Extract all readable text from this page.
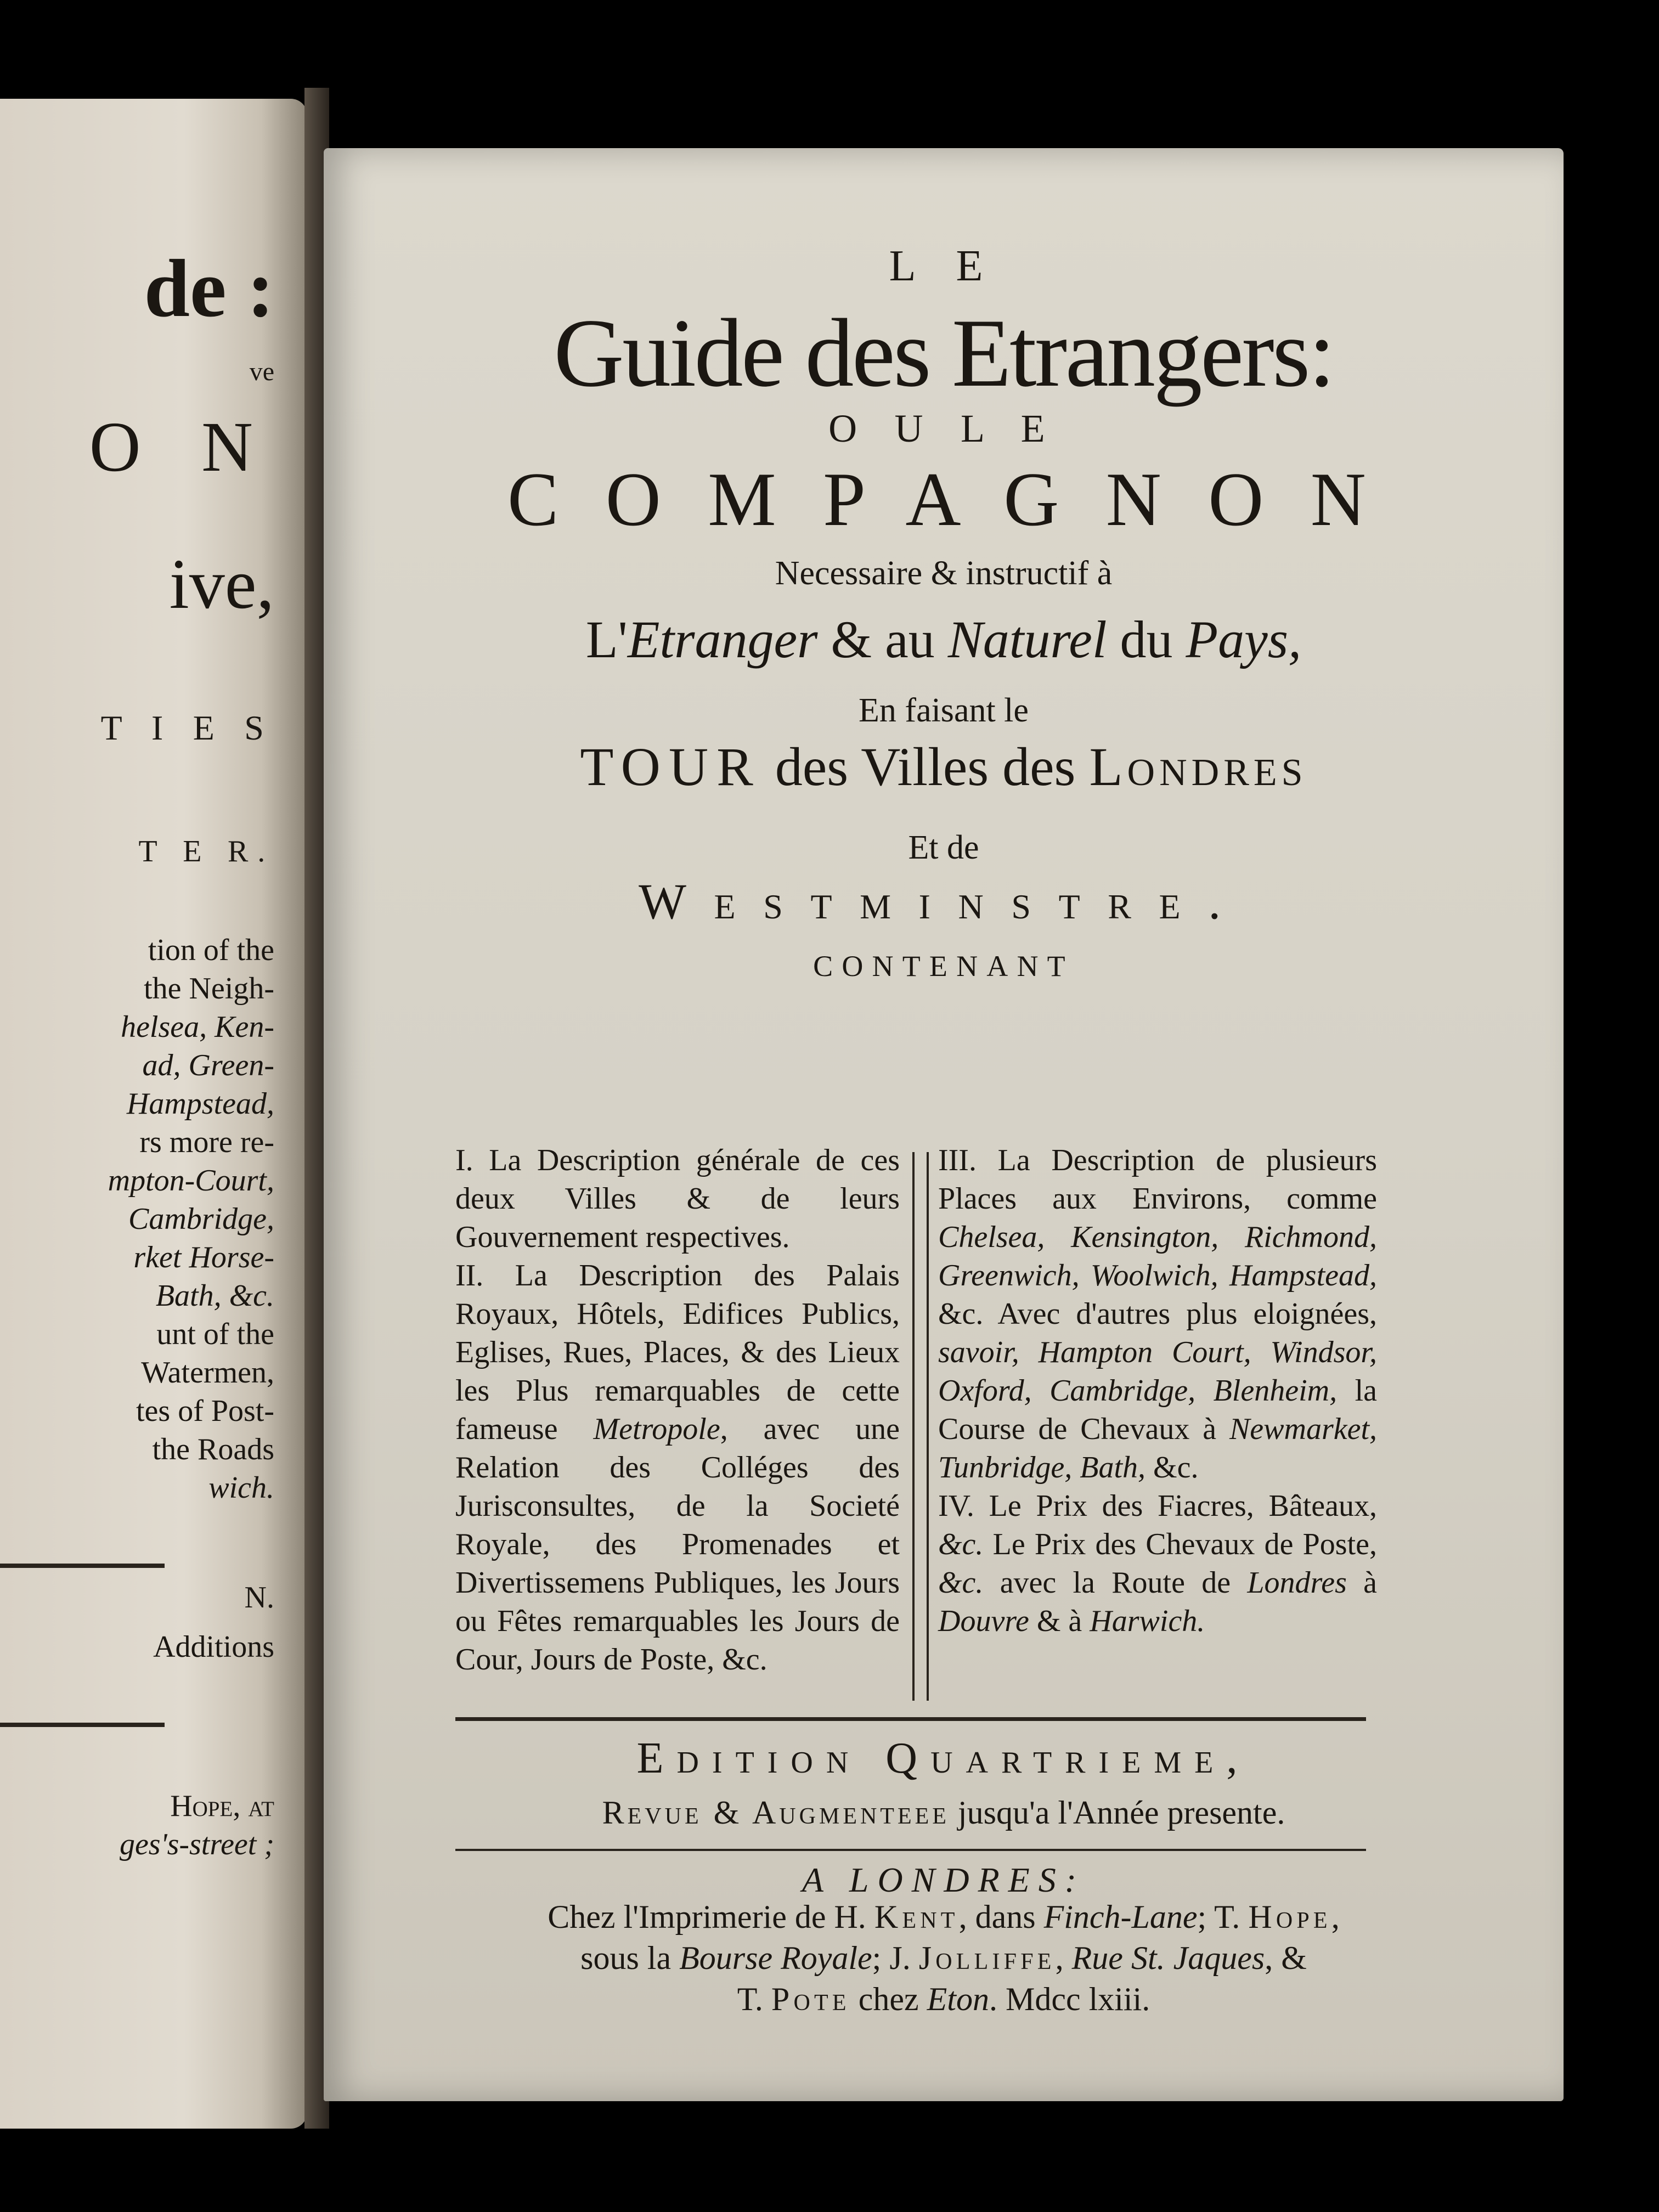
de :
ve
O N
ive,
T I E S
T E R.
tion of the
the Neigh-
helsea, Ken-
ad, Green-
Hampstead,
rs more re-
mpton-Court,
Cambridge,
rket Horse-
Bath, &c.
unt of the
Watermen,
tes of Post-
the Roads
wich.
N.
Additions
Hope, at
ges's-street ;
L E
Guide des Etrangers:
O U L E
C O M P A G N O N
Necessaire & instructif à
L'Etranger & au Naturel du Pays,
En faisant le
TOUR des Villes des Londres
Et de
Westminstre.
CONTENANT

I. La Description générale de ces deux Villes & de leurs Gouvernement respectives.

II. La Description des Palais Royaux, Hôtels, Edifices Publics, Eglises, Rues, Places, & des Lieux les Plus remarquables de cette fameuse Metropole, avec une Relation des Colléges des Jurisconsultes, de la Societé Royale, des Promenades et Divertissemens Publiques, les Jours ou Fêtes remarquables les Jours de Cour, Jours de Poste, &c.

III. La Description de plusieurs Places aux Environs, comme Chelsea, Kensington, Richmond, Greenwich, Woolwich, Hampstead, &c. Avec d'autres plus eloignées, savoir, Hampton Court, Windsor, Oxford, Cambridge, Blenheim, la Course de Chevaux à Newmarket, Tunbridge, Bath, &c.

IV. Le Prix des Fiacres, Bâteaux, &c. Le Prix des Chevaux de Poste, &c. avec la Route de Londres à Douvre & à Harwich.

Edition Quartrieme,
Revue & Augmenteee jusqu'a l'Année presente.
A LONDRES:
Chez l'Imprimerie de H. Kent, dans Finch-Lane; T. Hope,
sous la Bourse Royale; J. Jolliffe, Rue St. Jaques, &
T. Pote chez Eton. Mdcc lxiii.
